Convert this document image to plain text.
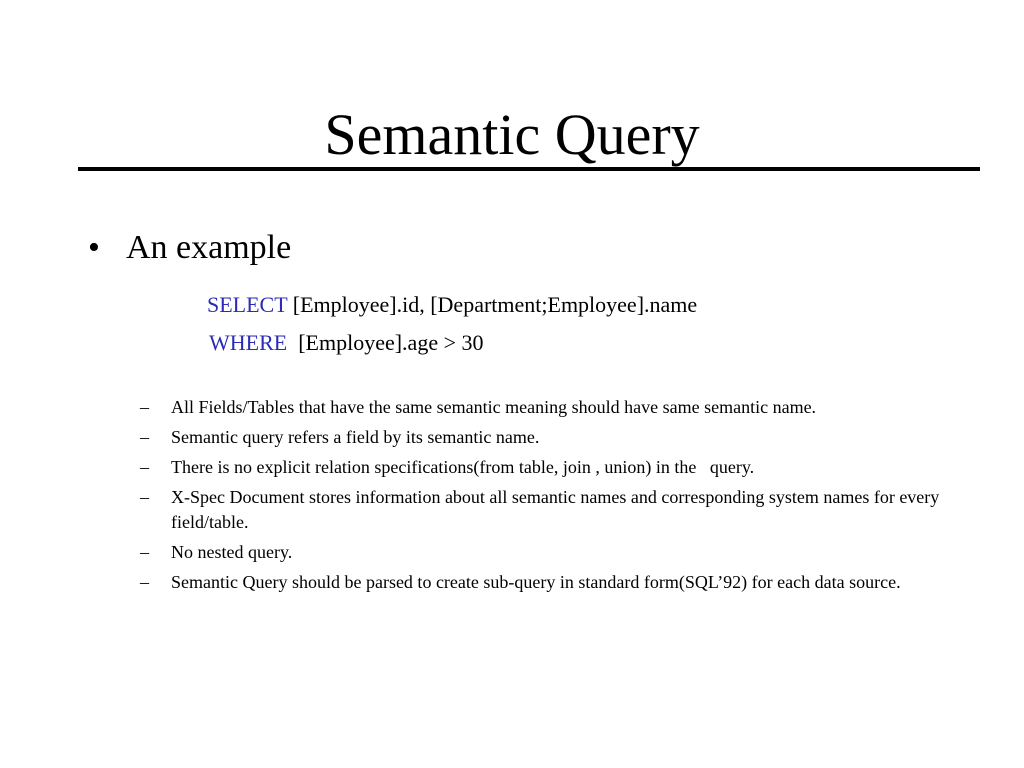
Semantic Query
• An example
SELECT [Employee].id, [Department;Employee].name
WHERE [Employee].age > 30
–	All Fields/Tables that have the same semantic meaning should have same semantic name.
–	Semantic query refers a field by its semantic name.
–	There is no explicit relation specifications(from table, join , union) in the   query.
–	X-Spec Document stores information about all semantic names and corresponding system names for every field/table.
–	No nested query.
–	Semantic Query should be parsed to create sub-query in standard form(SQL’92) for each data source.
